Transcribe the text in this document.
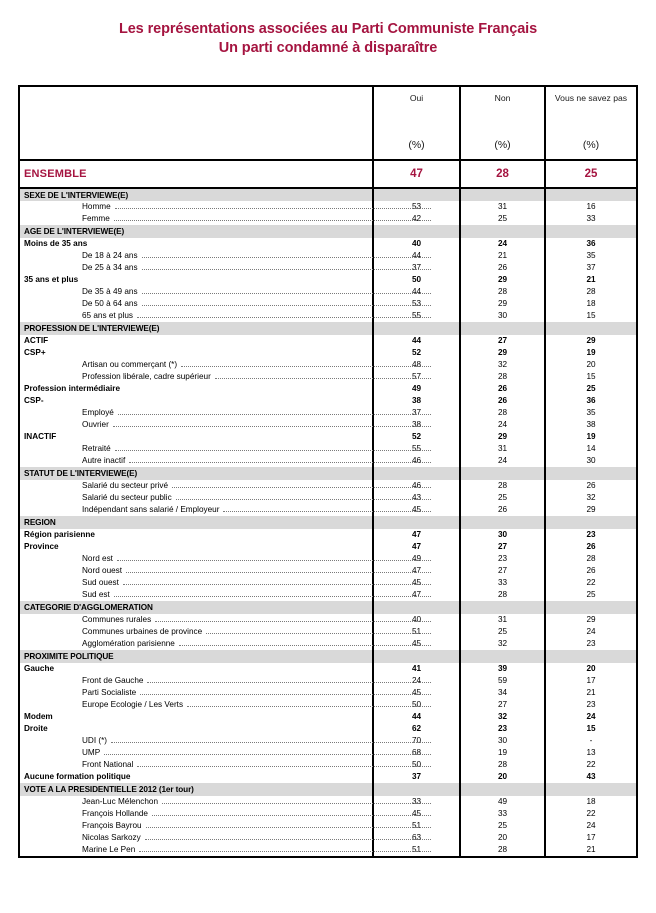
Les représentations associées au Parti Communiste Français
Un parti condamné à disparaître

Oui
(%)

Non
(%)

Vous ne savez pas
(%)

ENSEMBLE	47	28	25
SEXE DE L'INTERVIEWE(E)			

Homme	53	31	16

Femme	42	25	33
AGE DE L'INTERVIEWE(E)			

Moins de 35 ans	40	24	36

De 18 à 24 ans	44	21	35

De 25 à 34 ans	37	26	37

35 ans et plus	50	29	21

De 35 à 49 ans	44	28	28

De 50 à 64 ans	53	29	18

65 ans et plus	55	30	15
PROFESSION DE L'INTERVIEWE(E)			

ACTIF	44	27	29

CSP+	52	29	19

Artisan ou commerçant (*)	48	32	20

Profession libérale, cadre supérieur	57	28	15

Profession intermédiaire	49	26	25

CSP-	38	26	36

Employé	37	28	35

Ouvrier	38	24	38

INACTIF	52	29	19

Retraité	55	31	14

Autre inactif	46	24	30
STATUT DE L'INTERVIEWE(E)			

Salarié du secteur privé	46	28	26

Salarié du secteur public	43	25	32

Indépendant sans salarié / Employeur	45	26	29
REGION			

Région parisienne	47	30	23

Province	47	27	26

Nord est	49	23	28

Nord ouest	47	27	26

Sud ouest	45	33	22

Sud est	47	28	25
CATEGORIE D'AGGLOMERATION			

Communes rurales	40	31	29

Communes urbaines de province	51	25	24

Agglomération parisienne	45	32	23
PROXIMITE POLITIQUE			

Gauche	41	39	20

Front de Gauche	24	59	17

Parti Socialiste	45	34	21

Europe Ecologie / Les Verts	50	27	23

Modem	44	32	24

Droite	62	23	15

UDI (*)	70	30	-

UMP	68	19	13

Front National	50	28	22

Aucune formation politique	37	20	43
VOTE A LA PRESIDENTIELLE 2012 (1er tour)			

Jean-Luc Mélenchon	33	49	18

François Hollande	45	33	22

François Bayrou	51	25	24

Nicolas Sarkozy	63	20	17

Marine Le Pen	51	28	21
